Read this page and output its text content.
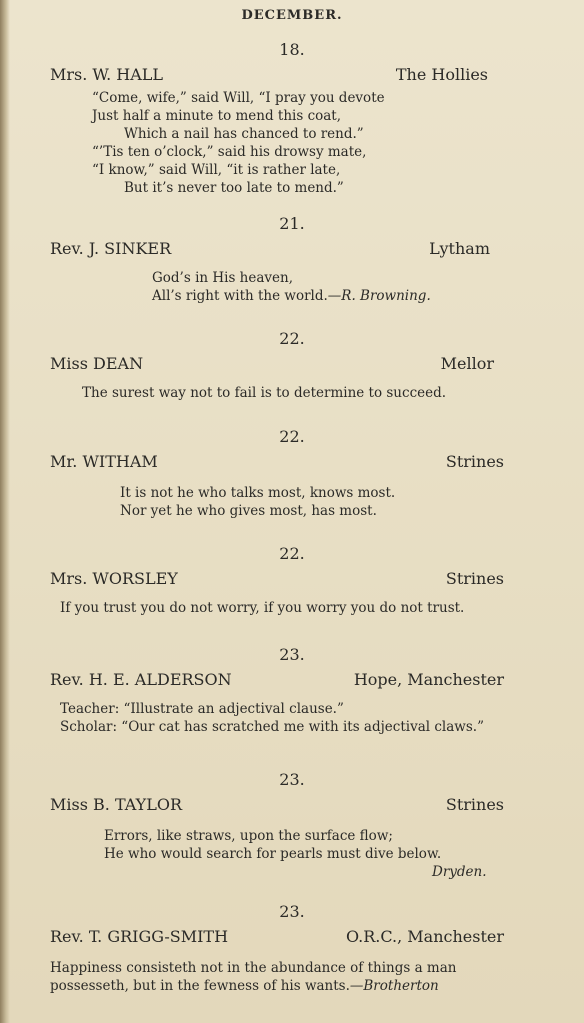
DECEMBER.
18.
Mrs. W. HALL	The Hollies
“Come, wife,” said Will, “I pray you devote
Just half a minute to mend this coat,
Which a nail has chanced to rend.”
“’Tis ten o’clock,” said his drowsy mate,
“I know,” said Will, “it is rather late,
But it’s never too late to mend.”
21.
Rev. J. SINKER	Lytham
God’s in His heaven,
All’s right with the world.—R. Browning.
22.
Miss DEAN	Mellor
The surest way not to fail is to determine to succeed.
22.
Mr. WITHAM	Strines
It is not he who talks most, knows most.
Nor yet he who gives most, has most.
22.
Mrs. WORSLEY	Strines
If you trust you do not worry, if you worry you do not trust.
23.
Rev. H. E. ALDERSON	Hope, Manchester
Teacher: “Illustrate an adjectival clause.”
Scholar: “Our cat has scratched me with its adjectival claws.”
23.
Miss B. TAYLOR	Strines
Errors, like straws, upon the surface flow;
He who would search for pearls must dive below.
Dryden.
23.
Rev. T. GRIGG-SMITH	O.R.C., Manchester
Happiness consisteth not in the abundance of things a man
possesseth, but in the fewness of his wants.—Brotherton
